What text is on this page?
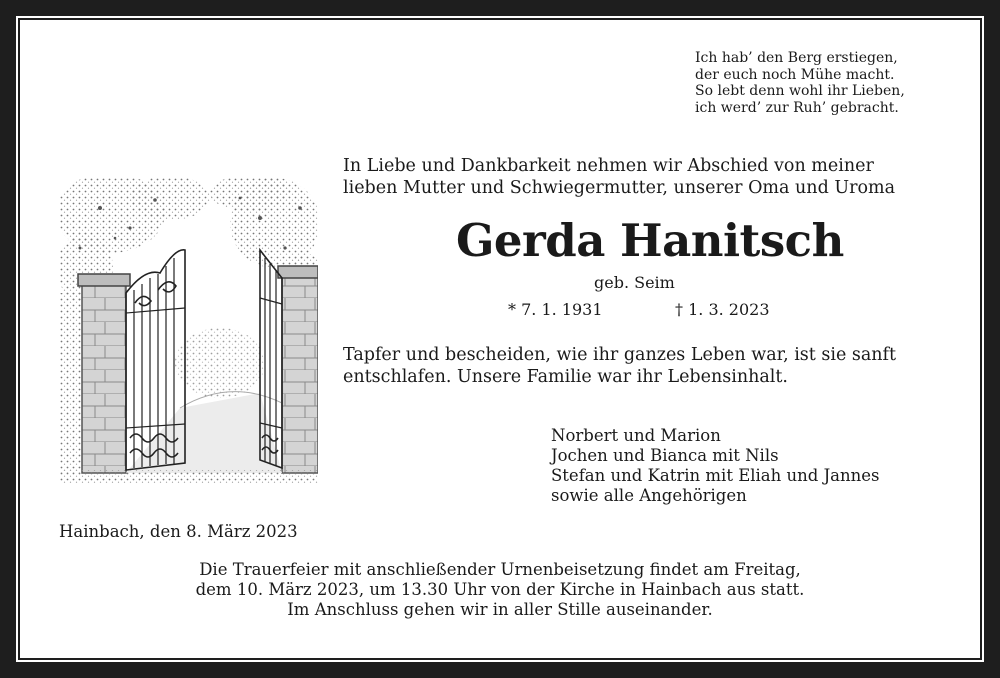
Ich hab’ den Berg erstiegen,
der euch noch Mühe macht.
So lebt denn wohl ihr Lieben,
ich werd’ zur Ruh’ gebracht.
In Liebe und Dankbarkeit nehmen wir Abschied von meiner
lieben Mutter und Schwiegermutter, unserer Oma und Uroma
Gerda Hanitsch
geb. Seim
* 7. 1. 1931	† 1. 3. 2023
Tapfer und bescheiden, wie ihr ganzes Leben war, ist sie sanft
entschlafen. Unsere Familie war ihr Lebensinhalt.
Norbert und Marion
Jochen und Bianca mit Nils
Stefan und Katrin mit Eliah und Jannes
sowie alle Angehörigen
Hainbach, den 8. März 2023
Die Trauerfeier mit anschließender Urnenbeisetzung findet am Freitag,
dem 10. März 2023, um 13.30 Uhr von der Kirche in Hainbach aus statt.
Im Anschluss gehen wir in aller Stille auseinander.
